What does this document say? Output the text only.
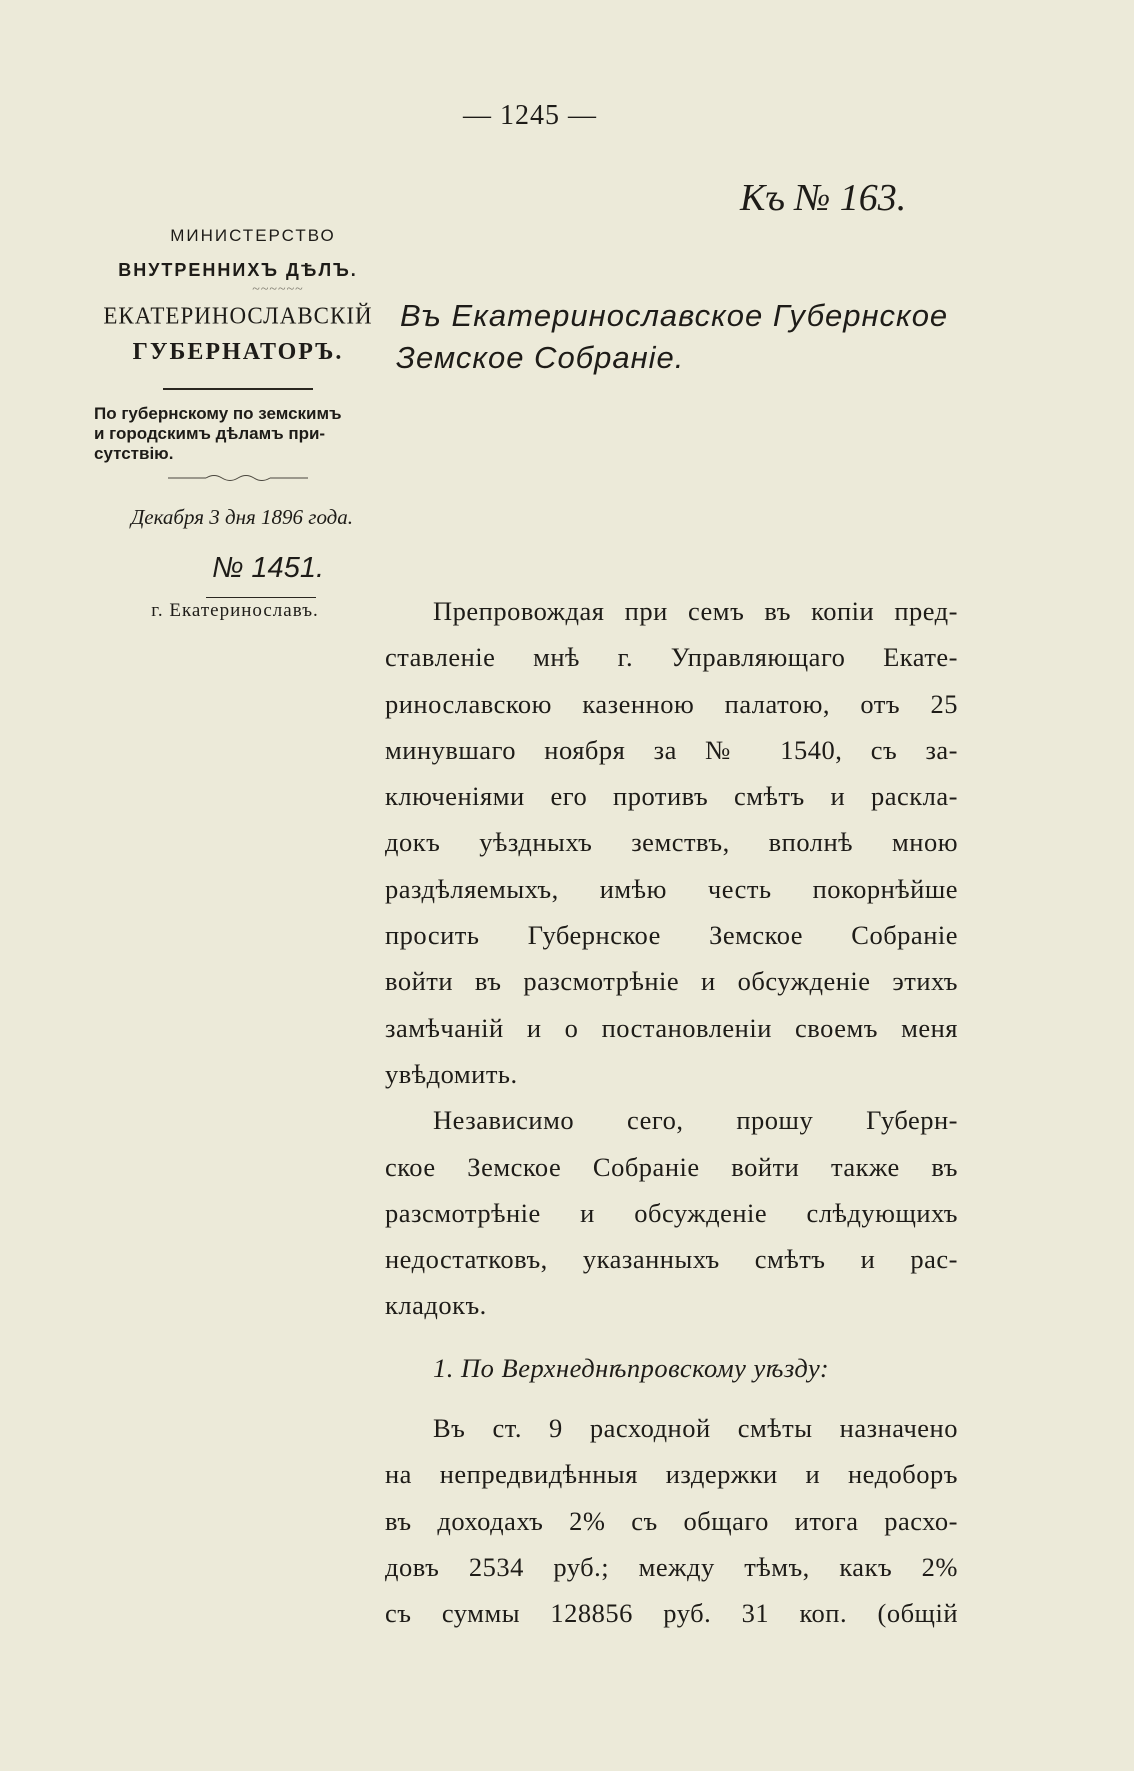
— 1245 —
Къ № 163.
МИНИСТЕРСТВО
ВНУТРЕННИХЪ ДѢЛЪ.
~~~~~~
ЕКАТЕРИНОСЛАВСКІЙ
ГУБЕРНАТОРЪ.
По губернскому по земскимъ
и городскимъ дѣламъ при-
сутствію.
Декабря 3 дня 1896 года.
№ 1451.
г. Екатеринославъ.
Въ Екатеринославское Губернское
Земское Собраніе.
Препровождая при семъ въ копіи пред-
ставленіе мнѣ г. Управляющаго Екате-
ринославскою казенною палатою, отъ 25
минувшаго ноября за № 1540, съ за-
ключеніями его противъ смѣтъ и раскла-
докъ уѣздныхъ земствъ, вполнѣ мною
раздѣляемыхъ, имѣю честь покорнѣйше
просить Губернское Земское Собраніе
войти въ разсмотрѣніе и обсужденіе этихъ
замѣчаній и о постановленіи своемъ меня
увѣдомить.
Независимо сего, прошу Губерн-
ское Земское Собраніе войти также въ
разсмотрѣніе и обсужденіе слѣдующихъ
недостатковъ, указанныхъ смѣтъ и рас-
кладокъ.
1. По Верхнеднѣпровскому уѣзду:
Въ ст. 9 расходной смѣты назначено
на непредвидѣнныя издержки и недоборъ
въ доходахъ 2% съ общаго итога расхо-
довъ 2534 руб.; между тѣмъ, какъ 2%
съ суммы 128856 руб. 31 коп. (общій
